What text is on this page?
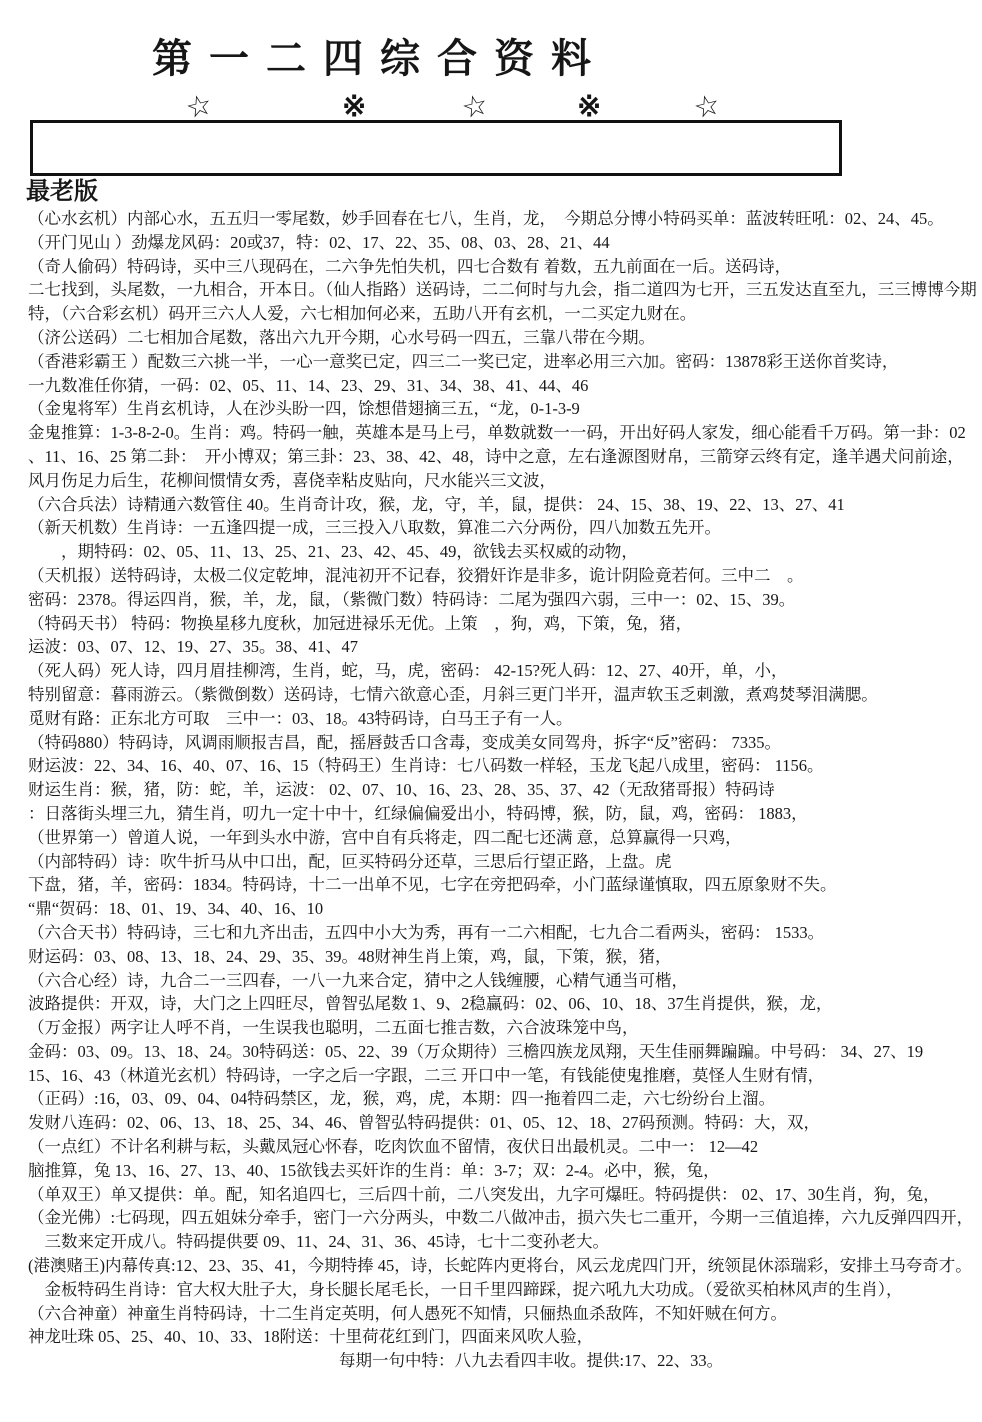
第一二四综合资料
☆	※	☆	※	☆
最老版
（心水玄机）内部心水，五五归一零尾数，妙手回春在七八，生肖，龙，　今期总分博小特码买单：蓝波转旺吼：02、24、45。
（开门见山 ）劲爆龙风码：20或37，特：02、17、22、35、08、03、28、21、44
（奇人偷码）特码诗，买中三八现码在，二六争先怕失机，四七合数有 着数，五九前面在一后。送码诗，
二七找到，头尾数，一九相合，开本日。（仙人指路）送码诗，二二何时与九会，指二道四为七开，三五发达直至九，三三博博今期
特，（六合彩玄机）码开三六人人爱，六七相加何必来，五助八开有玄机，一二买定九财在。
（济公送码）二七相加合尾数，落出六九开今期，心水号码一四五，三靠八带在今期。
（香港彩霸王 ）配数三六挑一半，一心一意奖已定，四三二一奖已定，进率必用三六加。密码：13878彩王送你首奖诗，
一九数准任你猜，一码：02、05、11、14、23、29、31、34、38、41、44、46
（金鬼将军）生肖玄机诗，人在沙头盼一四，馀想借翅摘三五，“龙，0-1-3-9
金鬼推算：1-3-8-2-0。生肖：鸡。特码一触，英雄本是马上弓，单数就数一一码，开出好码人家发，细心能看千万码。第一卦：02
、11、16、25 第二卦：　开小博双；第三卦：23、38、42、48，诗中之意，左右逢源图财帛，三箭穿云终有定，逢羊遇犬问前途，
风月伤足力后生，花柳间惯情女秀，喜侥幸粘皮贴向，尺水能兴三文波，
（六合兵法）诗精通六数管住 40。生肖奇计攻，猴，龙，守，羊，鼠，提供： 24、15、38、19、22、13、27、41
（新天机数）生肖诗：一五逢四提一成，三三投入八取数，算准二六分两份，四八加数五先开。
　　，期特码：02、05、11、13、25、21、23、42、45、49，欲钱去买权威的动物，
（天机报）送特码诗，太极二仪定乾坤，混沌初开不记春，狡猾奸诈是非多，诡计阴险竟若何。三中二　。
密码：2378。得运四肖，猴，羊，龙，鼠，（紫微门数）特码诗：二尾为强四六弱，三中一：02、15、39。
（特码天书） 特码：物换星移九度秋，加冠进禄乐无优。上策　，狗，鸡，下策，兔，猪，
运波：03、07、12、19、27、35。38、41、47
（死人码）死人诗，四月眉挂柳湾，生肖，蛇，马，虎，密码： 42-15?死人码：12、27、40开，单，小，
特别留意：暮雨游云。（紫微倒数）送码诗，七情六欲意心歪，月斜三更门半开，温声软玉乏刺激，煮鸡焚琴泪满腮。
觅财有路：正东北方可取　三中一：03、18。43特码诗，白马王子有一人。
（特码880）特码诗，风调雨顺报吉昌，配，摇唇鼓舌口含毒，变成美女同驾舟，拆字“反”密码： 7335。
财运波：22、34、16、40、07、16、15（特码王）生肖诗：七八码数一样轻，玉龙飞起八成里，密码： 1156。
财运生肖：猴，猪，防：蛇，羊，运波： 02、07、10、16、23、28、35、37、42（无敌猪哥报）特码诗
：日落街头埋三九，猜生肖，叨九一定十中十，红绿偏偏爱出小，特码博，猴，防，鼠，鸡，密码： 1883，
（世界第一）曾道人说，一年到头水中游，宫中自有兵将走，四二配七还满 意，总算赢得一只鸡，
（内部特码）诗：吹牛折马从中口出，配，叵买特码分还草，三思后行望正路，上盘。虎
下盘，猪，羊，密码：1834。特码诗，十二一出单不见，七字在旁把码牵，小门蓝绿谨慎取，四五原象财不失。
“鼎“贺码：18、01、19、34、40、16、10
（六合天书）特码诗，三七和九齐出击，五四中小大为秀，再有一二六相配，七九合二看两头，密码： 1533。
财运码：03、08、13、18、24、29、35、39。48财神生肖上策，鸡，鼠，下策，猴，猪，
（六合心经）诗，九合二一三四春，一八一九来合定，猜中之人钱缠腰，心精气通当可楷，
波路提供：开双，诗，大门之上四旺尽，曾智弘尾数 1、9、2稳赢码：02、06、10、18、37生肖提供，猴，龙，
（万金报）两字让人呼不肖，一生误我也聪明，二五面七推吉数，六合波珠笼中鸟，
金码：03、09。13、18、24。30特码送：05、22、39（万众期待）三檐四族龙凤翔，天生佳丽舞蹁蹁。中号码： 34、27、19
15、16、43（林道光玄机）特码诗，一字之后一字跟，二三 开口中一笔，有钱能使鬼推磨，莫怪人生财有情，
（正码）:16，03、09、04、04特码禁区，龙，猴，鸡，虎，本期：四一拖着四二走，六七纷纷台上溜。
发财八连码：02、06、13、18、25、34、46、曾智弘特码提供：01、05、12、18、27码预测。特码：大，双，
（一点红）不计名利耕与耘，头戴凤冠心怀春，吃肉饮血不留情，夜伏日出最机灵。二中一： 12—42
脑推算，兔 13、16、27、13、40、15欲钱去买奸诈的生肖：单：3-7；双：2-4。必中，猴，兔，
（单双王）单又提供：单。配，知名追四七，三后四十前，二八突发出，九字可爆旺。特码提供： 02、17、30生肖，狗，兔，
（金光佛）:七码现，四五姐妹分牵手，密门一六分两头，中数二八做冲击，损六失七二重开，今期一三值追捧，六九反弹四四开，
　三数来定开成八。特码提供要 09、11、24、31、36、45诗，七十二变孙老大。
(港澳赌王)内幕传真:12、23、35、41，今期特捧 45，诗，长蛇阵内更将台，风云龙虎四门开，统领昆休添瑞彩，安排土马夸奇才。
　金板特码生肖诗：官大权大肚子大，身长腿长尾毛长，一日千里四蹄踩，捉六吼九大功成。（爱欲买柏林风声的生肖），
（六合神童）神童生肖特码诗，十二生肖定英明，何人愚死不知情，只俪热血杀敌阵，不知奸贼在何方。
神龙吐珠 05、25、40、10、33、18附送：十里荷花红到门，四面来风吹人验，
每期一句中特：八九去看四丰收。提供:17、22、33。
